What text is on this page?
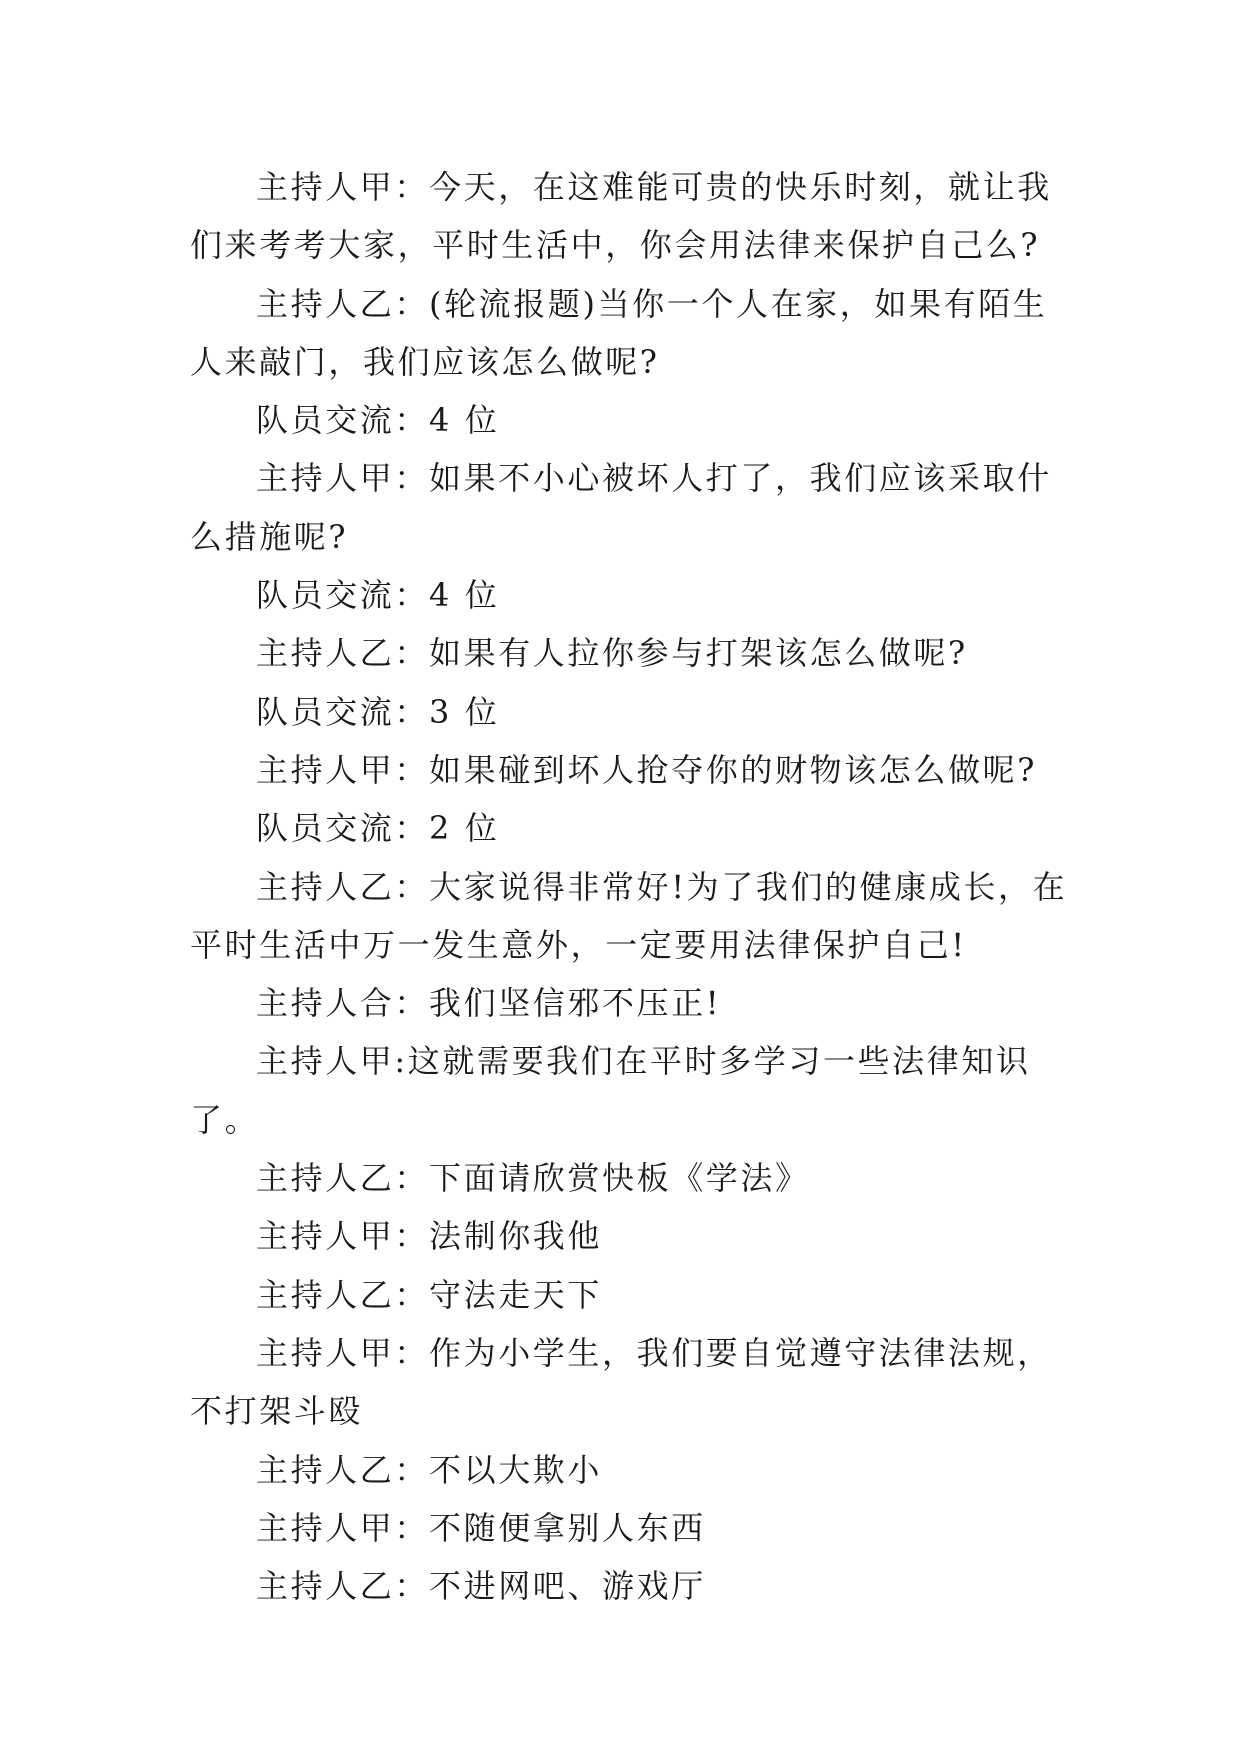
主持人甲：今天，在这难能可贵的快乐时刻，就让我们来考考大家，平时生活中，你会用法律来保护自己么?

主持人乙：(轮流报题)当你一个人在家，如果有陌生人来敲门，我们应该怎么做呢?

队员交流：4 位

主持人甲：如果不小心被坏人打了，我们应该采取什么措施呢?

队员交流：4 位

主持人乙：如果有人拉你参与打架该怎么做呢?

队员交流：3 位

主持人甲：如果碰到坏人抢夺你的财物该怎么做呢?

队员交流：2 位

主持人乙：大家说得非常好!为了我们的健康成长，在平时生活中万一发生意外，一定要用法律保护自己!

主持人合：我们坚信邪不压正!

主持人甲:这就需要我们在平时多学习一些法律知识了。

主持人乙：下面请欣赏快板《学法》

主持人甲：法制你我他

主持人乙：守法走天下

主持人甲：作为小学生，我们要自觉遵守法律法规，不打架斗殴

主持人乙：不以大欺小

主持人甲：不随便拿别人东西

主持人乙：不进网吧、游戏厅
